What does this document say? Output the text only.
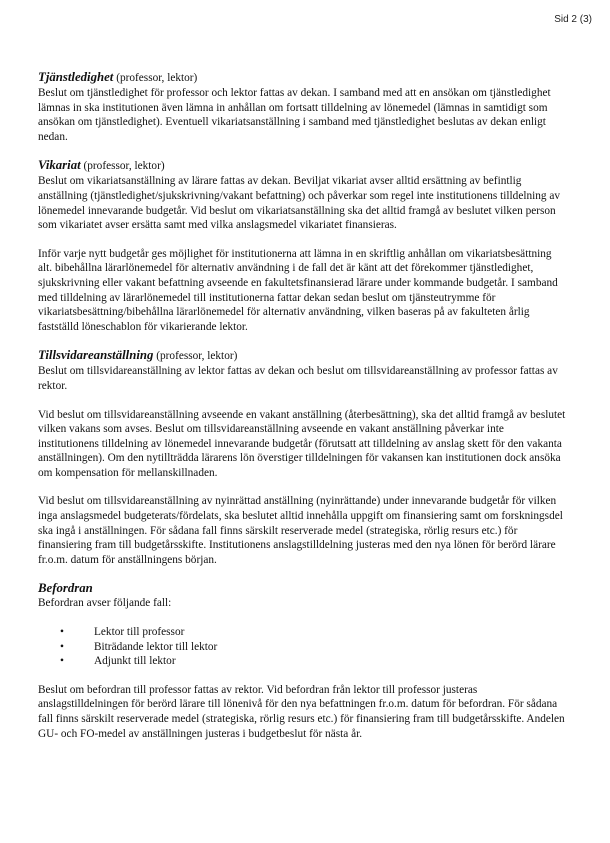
Sid 2 (3)
Tjänstledighet (professor, lektor)

Beslut om tjänstledighet för professor och lektor fattas av dekan. I samband med att en ansökan om tjänstledighet lämnas in ska institutionen även lämna in anhållan om fortsatt tilldelning av lönemedel (lämnas in samtidigt som ansökan om tjänstledighet). Eventuell vikariatsanställning i samband med tjänstledighet beslutas av dekan enligt nedan.

Vikariat (professor, lektor)

Beslut om vikariatsanställning av lärare fattas av dekan. Beviljat vikariat avser alltid ersättning av befintlig anställning (tjänstledighet/sjukskrivning/vakant befattning) och påverkar som regel inte institutionens tilldelning av lönemedel innevarande budgetår. Vid beslut om vikariatsanställning ska det alltid framgå av beslutet vilken person som vikariatet avser ersätta samt med vilka anslagsmedel vikariatet finansieras.

Inför varje nytt budgetår ges möjlighet för institutionerna att lämna in en skriftlig anhållan om vikariatsbesättning alt. bibehållna lärarlönemedel för alternativ användning i de fall det är känt att det förekommer tjänstledighet, sjukskrivning eller vakant befattning avseende en fakultetsfinansierad lärare under kommande budgetår. I samband med tilldelning av lärarlönemedel till institutionerna fattar dekan sedan beslut om tjänsteutrymme för vikariatsbesättning/bibehållna lärarlönemedel för alternativ användning, vilken baseras på av fakulteten årlig fastställd löneschablon för vikarierande lektor.

Tillsvidareanställning (professor, lektor)

Beslut om tillsvidareanställning av lektor fattas av dekan och beslut om tillsvidareanställning av professor fattas av rektor.

Vid beslut om tillsvidareanställning avseende en vakant anställning (återbesättning), ska det alltid framgå av beslutet vilken vakans som avses. Beslut om tillsvidareanställning avseende en vakant anställning påverkar inte institutionens tilldelning av lönemedel innevarande budgetår (förutsatt att tilldelning av anslag skett för den vakanta anställningen). Om den nytillträdda lärarens lön överstiger tilldelningen för vakansen kan institutionen dock ansöka om kompensation för mellanskillnaden.

Vid beslut om tillsvidareanställning av nyinrättad anställning (nyinrättande) under innevarande budgetår för vilken inga anslagsmedel budgeterats/fördelats, ska beslutet alltid innehålla uppgift om finansiering samt om forskningsdel ska ingå i anställningen. För sådana fall finns särskilt reserverade medel (strategiska, rörlig resurs etc.) för finansiering fram till budgetårsskifte. Institutionens anslagstilldelning justeras med den nya lönen för berörd lärare fr.o.m. datum för anställningens början.

Befordran

Befordran avser följande fall:

• Lektor till professor
• Biträdande lektor till lektor
• Adjunkt till lektor

Beslut om befordran till professor fattas av rektor. Vid befordran från lektor till professor justeras anslagstilldelningen för berörd lärare till lönenivå för den nya befattningen fr.o.m. datum för befordran. För sådana fall finns särskilt reserverade medel (strategiska, rörlig resurs etc.) för finansiering fram till budgetårsskifte. Andelen GU- och FO-medel av anställningen justeras i budgetbeslut för nästa år.
